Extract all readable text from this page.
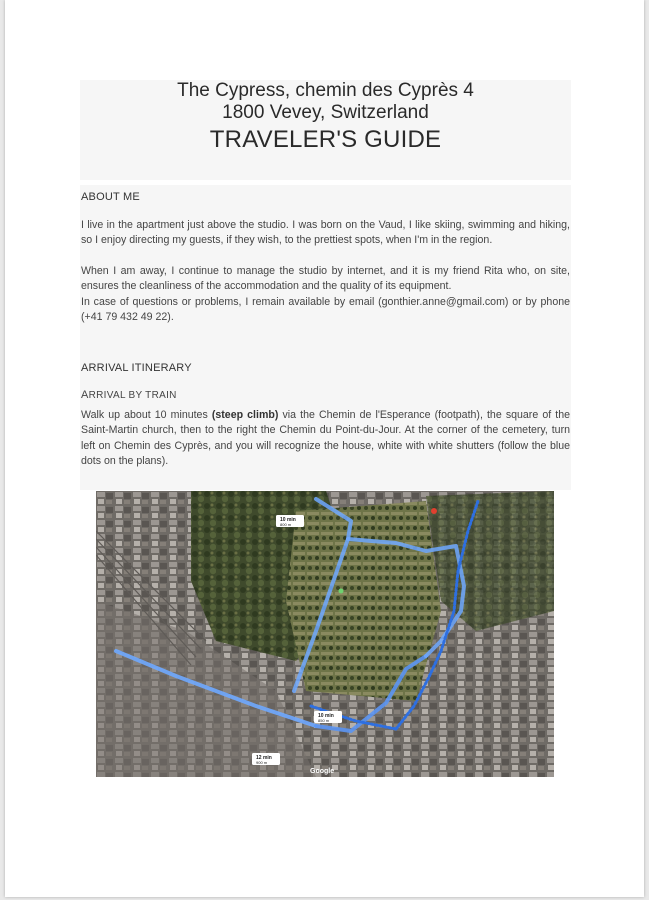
The Cypress, chemin des Cyprès 4
1800 Vevey, Switzerland
TRAVELER'S GUIDE
ABOUT ME

I live in the apartment just above the studio. I was born on the Vaud, I like skiing, swimming and hiking, so I enjoy directing my guests, if they wish, to the prettiest spots, when I'm in the region.

When I am away, I continue to manage the studio by internet, and it is my friend Rita who, on site, ensures the cleanliness of the accommodation and the quality of its equipment.

In case of questions or problems, I remain available by email (gonthier.anne@gmail.com) or by phone (+41 79 432 49 22).

ARRIVAL ITINERARY
ARRIVAL BY TRAIN

Walk up about 10 minutes (steep climb) via the Chemin de l'Esperance (footpath), the square of the Saint-Martin church, then to the right the Chemin du Point-du-Jour. At the corner of the cemetery, turn left on Chemin des Cyprès, and you will recognize the house, white with white shutters (follow the blue dots on the plans).

10 min
800 m
10 min
850 m
12 min
900 m
Google
